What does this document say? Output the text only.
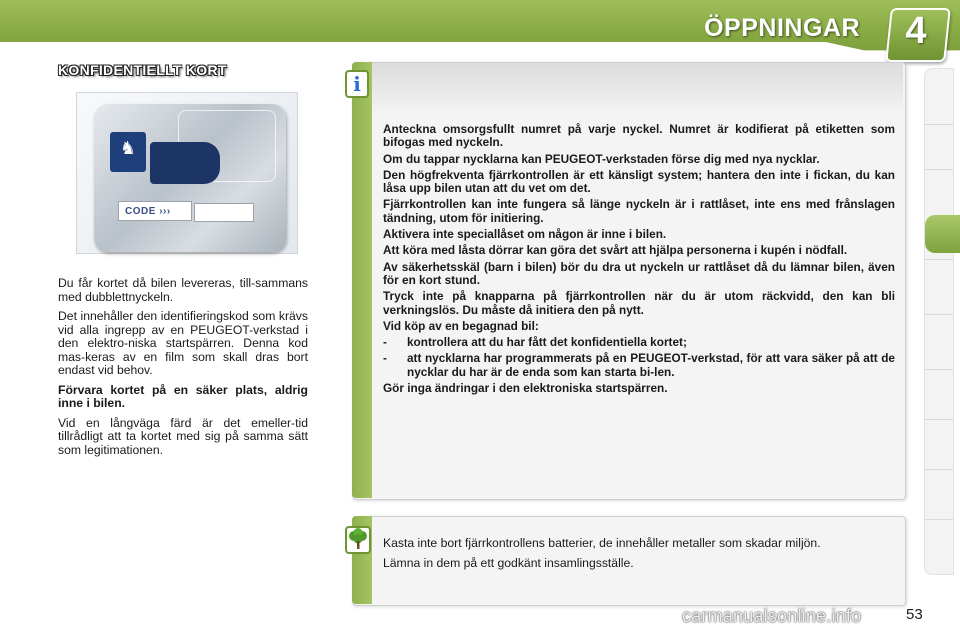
ÖPPNINGAR	4
KONFIDENTIELLT KORT
♞
CODE ›››

Du får kortet då bilen levereras, till-sammans med dubblettnyckeln.

Det innehåller den identifieringskod som krävs vid alla ingrepp av en PEUGEOT-verkstad i den elektro-niska startspärren. Denna kod mas-keras av en film som skall dras bort endast vid behov.

Förvara kortet på en säker plats, aldrig inne i bilen.

Vid en långväga färd är det emeller-tid tillrådligt att ta kortet med sig på samma sätt som legitimationen.

i

Anteckna omsorgsfullt numret på varje nyckel. Numret är kodifierat på etiketten som bifogas med nyckeln.

Om du tappar nycklarna kan PEUGEOT-verkstaden förse dig med nya nycklar.

Den högfrekventa fjärrkontrollen är ett känsligt system; hantera den inte i fickan, du kan låsa upp bilen utan att du vet om det.

Fjärrkontrollen kan inte fungera så länge nyckeln är i rattlåset, inte ens med frånslagen tändning, utom för initiering.

Aktivera inte speciallåset om någon är inne i bilen.

Att köra med låsta dörrar kan göra det svårt att hjälpa personerna i kupén i nödfall.

Av säkerhetsskäl (barn i bilen) bör du dra ut nyckeln ur rattlåset då du lämnar bilen, även för en kort stund.

Tryck inte på knapparna på fjärrkontrollen när du är utom räckvidd, den kan bli verkningslös. Du måste då initiera den på nytt.

Vid köp av en begagnad bil:

- kontrollera att du har fått det konfidentiella kortet;

- att nycklarna har programmerats på en PEUGEOT-verkstad, för att vara säker på att de nycklar du har är de enda som kan starta bi-len.

Gör inga ändringar i den elektroniska startspärren.

Kasta inte bort fjärrkontrollens batterier, de innehåller metaller som skadar miljön.

Lämna in dem på ett godkänt insamlingsställe.

53
carmanualsonline.info
